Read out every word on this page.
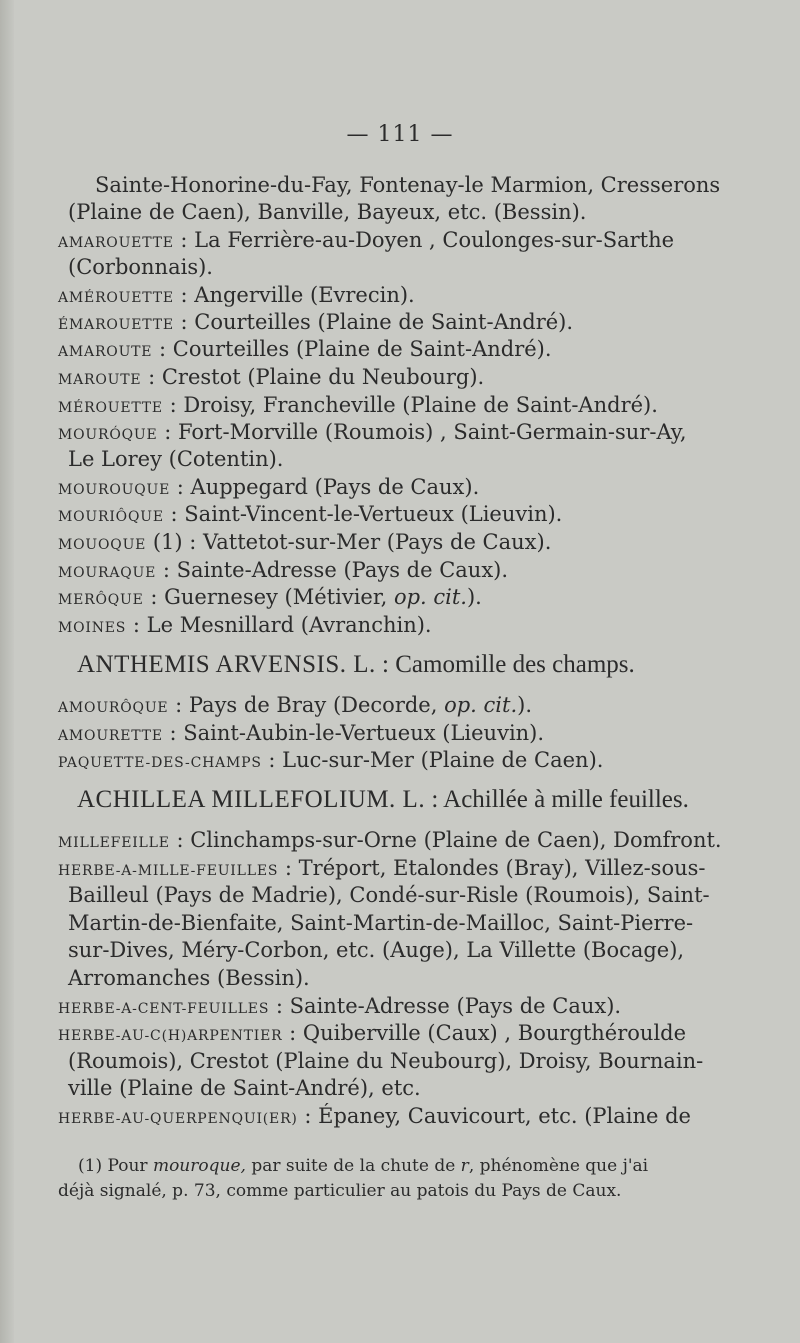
— 111 —
Sainte-Honorine-du-Fay, Fontenay-le Marmion, Cresserons
(Plaine de Caen), Banville, Bayeux, etc. (Bessin).
AMAROUETTE : La Ferrière-au-Doyen , Coulonges-sur-Sarthe
(Corbonnais).
AMÉROUETTE : Angerville (Evrecin).
ÉMAROUETTE : Courteilles (Plaine de Saint-André).
AMAROUTE : Courteilles (Plaine de Saint-André).
MAROUTE : Crestot (Plaine du Neubourg).
MÉROUETTE : Droisy, Francheville (Plaine de Saint-André).
MOURÓQUE : Fort-Morville (Roumois) , Saint-Germain-sur-Ay,
Le Lorey (Cotentin).
MOUROUQUE : Auppegard (Pays de Caux).
MOURIÔQUE : Saint-Vincent-le-Vertueux (Lieuvin).
MOUOQUE (1) : Vattetot-sur-Mer (Pays de Caux).
MOURAQUE : Sainte-Adresse (Pays de Caux).
MERÔQUE : Guernesey (Métivier, op. cit.).
MOINES : Le Mesnillard (Avranchin).
AMOURÔQUE : Pays de Bray (Decorde, op. cit.).
AMOURETTE : Saint-Aubin-le-Vertueux (Lieuvin).
PAQUETTE-DES-CHAMPS : Luc-sur-Mer (Plaine de Caen).
MILLEFEILLE : Clinchamps-sur-Orne (Plaine de Caen), Domfront.
HERBE-A-MILLE-FEUILLES : Tréport, Etalondes (Bray), Villez-sous-
Bailleul (Pays de Madrie), Condé-sur-Risle (Roumois), Saint-
Martin-de-Bienfaite, Saint-Martin-de-Mailloc, Saint-Pierre-
sur-Dives, Méry-Corbon, etc. (Auge), La Villette (Bocage),
Arromanches (Bessin).
HERBE-A-CENT-FEUILLES : Sainte-Adresse (Pays de Caux).
HERBE-AU-C(H)ARPENTIER : Quiberville (Caux) , Bourgthéroulde
(Roumois), Crestot (Plaine du Neubourg), Droisy, Bournain-
ville (Plaine de Saint-André), etc.
HERBE-AU-QUERPENQUI(ER) : Épaney, Cauvicourt, etc. (Plaine de
ANTHEMIS ARVENSIS. L. : Camomille des champs.
ACHILLEA MILLEFOLIUM. L. : Achillée à mille feuilles.
(1) Pour mouroque, par suite de la chute de r, phénomène que j'ai
déjà signalé, p. 73, comme particulier au patois du Pays de Caux.
